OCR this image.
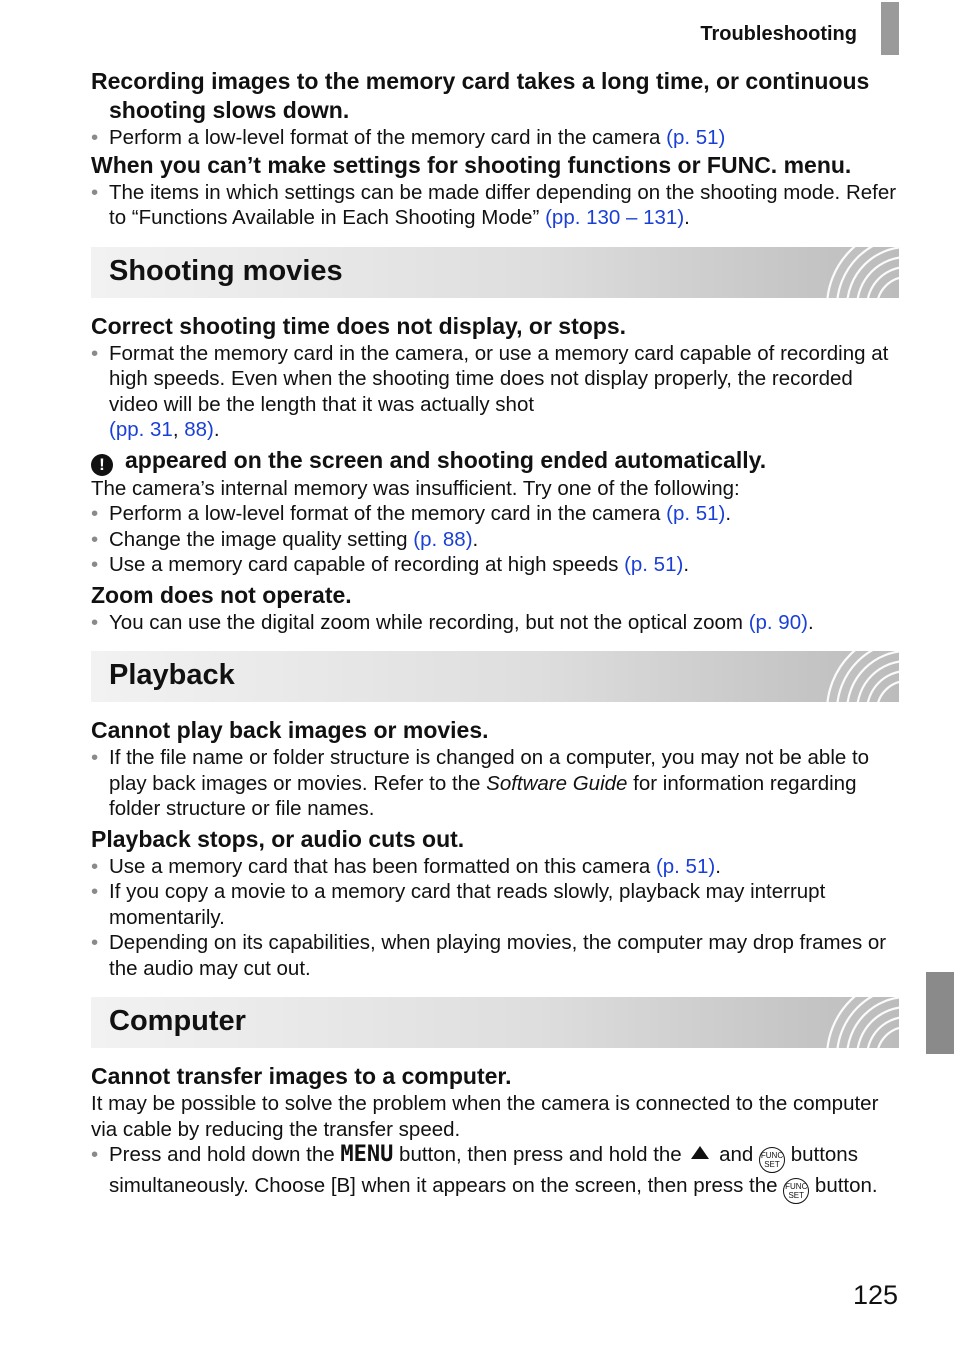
Troubleshooting

Recording images to the memory card takes a long time, or continuous shooting slows down.

• Perform a low-level format of the memory card in the camera (p. 51)

When you can’t make settings for shooting functions or FUNC. menu.

• The items in which settings can be made differ depending on the shooting mode. Refer to “Functions Available in Each Shooting Mode” (pp. 130 – 131).
Shooting movies

Correct shooting time does not display, or stops.

• Format the memory card in the camera, or use a memory card capable of recording at high speeds. Even when the shooting time does not display properly, the recorded video will be the length that it was actually shot
(pp. 31, 88).

! appeared on the screen and shooting ended automatically.

The camera’s internal memory was insufficient. Try one of the following:

• Perform a low-level format of the memory card in the camera (p. 51).
• Change the image quality setting (p. 88).
• Use a memory card capable of recording at high speeds (p. 51).

Zoom does not operate.

• You can use the digital zoom while recording, but not the optical zoom (p. 90).
Playback

Cannot play back images or movies.

• If the file name or folder structure is changed on a computer, you may not be able to play back images or movies. Refer to the Software Guide for information regarding folder structure or file names.

Playback stops, or audio cuts out.

• Use a memory card that has been formatted on this camera (p. 51).
• If you copy a movie to a memory card that reads slowly, playback may interrupt momentarily.
• Depending on its capabilities, when playing movies, the computer may drop frames or the audio may cut out.
Computer

Cannot transfer images to a computer.

It may be possible to solve the problem when the camera is connected to the computer via cable by reducing the transfer speed.

• Press and hold down the MENU button, then press and hold the  and FUNC
SET buttons simultaneously. Choose [B] when it appears on the screen, then press the FUNC
SET button.
125
